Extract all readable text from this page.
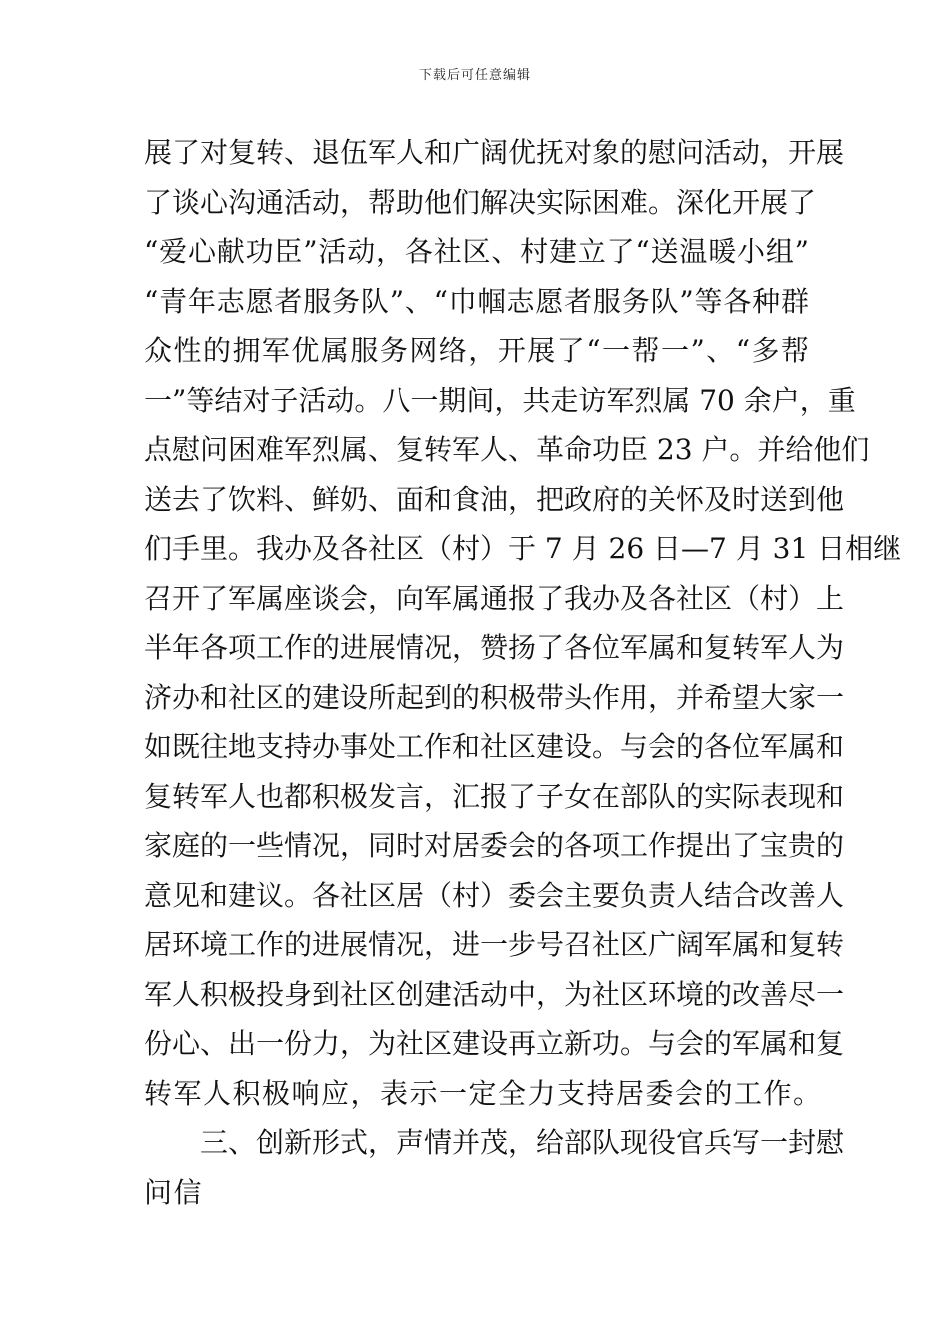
下载后可任意编辑
展了对复转、退伍军人和广阔优抚对象的慰问活动，开展
了谈心沟通活动，帮助他们解决实际困难。深化开展了
“爱心献功臣”活动，各社区、村建立了“送温暖小组”
“青年志愿者服务队”、“巾帼志愿者服务队”等各种群
众性的拥军优属服务网络，开展了“一帮一”、“多帮
一”等结对子活动。八一期间，共走访军烈属 70 余户，重
点慰问困难军烈属、复转军人、革命功臣 23 户。并给他们
送去了饮料、鲜奶、面和食油，把政府的关怀及时送到他
们手里。我办及各社区（村）于 7 月 26 日—7 月 31 日相继
召开了军属座谈会，向军属通报了我办及各社区（村）上
半年各项工作的进展情况，赞扬了各位军属和复转军人为
济办和社区的建设所起到的积极带头作用，并希望大家一
如既往地支持办事处工作和社区建设。与会的各位军属和
复转军人也都积极发言，汇报了子女在部队的实际表现和
家庭的一些情况，同时对居委会的各项工作提出了宝贵的
意见和建议。各社区居（村）委会主要负责人结合改善人
居环境工作的进展情况，进一步号召社区广阔军属和复转
军人积极投身到社区创建活动中，为社区环境的改善尽一
份心、出一份力，为社区建设再立新功。与会的军属和复
转军人积极响应，表示一定全力支持居委会的工作。
三、创新形式，声情并茂，给部队现役官兵写一封慰
问信
